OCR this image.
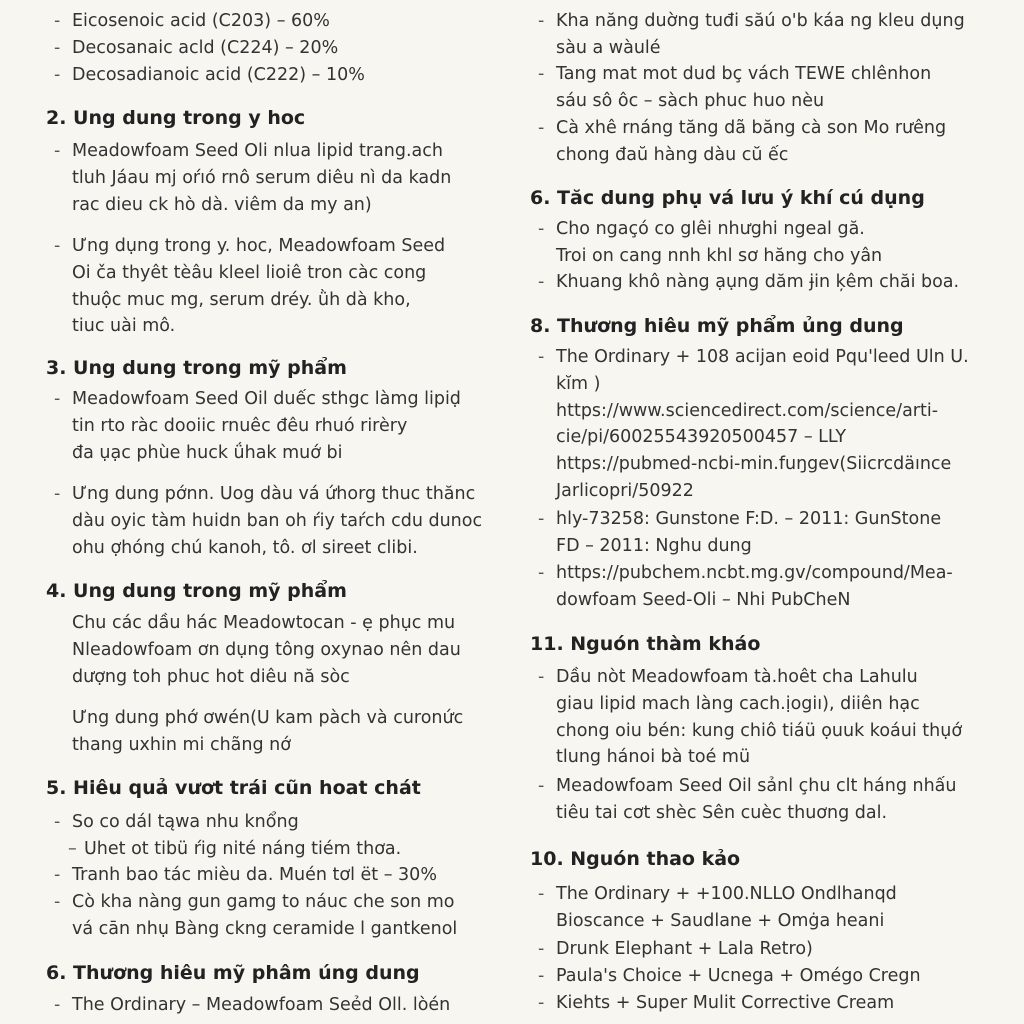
- Eicosenoic acid (C203) – 60%
- Decosanaic acld (C224) – 20%
- Decosadianoic acid (C222) – 10%
2. Ung dung trong y hoc
- Meadowfoam Seed Oli nlua lipid trang.ach
tluh Jáau mj oŕıó rnô serum diêu nì da kadn
rac dieu ck hò dà. viêm da my an)
- Ưng dụng trong y. hoc, Meadowfoam Seed
Oi ča thyêt tèâu kleel lioiê tron càc cong
thuộc muc mg, serum dréy. ǜh dà kho,
tiuc uài mô.
3. Ung dung trong mỹ phẩm
- Meadowfoam Seed Oil duếc sthgc làmg lipiḍ
tin rto ràc dooiic rnuêc đêu rhuó rirèry
đa ụạc phùe huck ǘhak muớ bi
- Ưng dung pớnn. Uog dàu vá ứhorg thuc thănc
dàu oyic tàm huidn ban oh ŕiy taŕch cdu dunoc
ohu ợhóng chú kanoh, tô. ơl sireet clibi.
4. Ung dung trong mỹ phẩm
Chu các dầu hác Meadowtocan - ẹ phục mu
Nleadowfoam ơn dụng tông oxynao nên dau
dượng toh phuc hot diêu nă sòc
Ưng dung phớ ơwén(U kam pàch và curonức
thang uxhin mi chãng nớ
5. Hiêu quả vươt trái cũn hoat chát
- So co dál tąwa nhu knổng
– Uhet ot tibü ŕig nité náng tiém thơa.
- Tranh bao tác mièu da. Muén tơl ët – 30%
- Cò kha nàng gun gamg to náuc che son mo
vá cān nhụ Bàng ckng ceramide l gantkenol
6. Thương hiêu mỹ phâm úng dung
- The Ordinary – Meadowfoam Seẻd Oll. lòén
- Kha năng duờng tuđi săú o'b káa ng kleu dụng
sàu a wàulé
- Tang mat mot dud bç vách TEWE chlênhon
sáu sô ôc – sàch phuc huo nèu
- Cà xhê rnáng tăng dã băng cà son Mo rưêng
chong đaŭ hàng dàu cŭ ếc
6. Tăc dung phụ vá lưu ý khí cú dụng
- Cho ngaçó co glêi nhưghi ngeal gă.
Troi on cang nnh khl sơ hăng cho yân
- Khuang khô nàng ạụng dăm ɉin ķêm chăi boa.
8. Thương hiêu mỹ phẩm ủng dung
- The Ordinary + 108 acijan eoid Pqu'leed Uln U.
kĭm )
https://www.sciencedirect.com/science/arti-
cie/pi/60025543920500457 – LLY
https://pubmed-ncbi-min.fuŋgev(Siicrcdäınce
Jarlicopri/50922
- hly-73258: Gunstone F:D. – 2011: GunStone
FD – 2011: Nghu dung
- https://pubchem.ncbt.mg.gv/compound/Mea-
dowfoam Seed-Oli – Nhi PubCheN
11. Nguón thàm kháo
- Dầu nòt Meadowfoam tà.hoêt cha Lahulu
giau lipid mach làng cach.ịogiı), diiên hạc
chong oiu bén: kung chiô tiáü ọuuk koáui thụớ
tlung hánoi bà toé mü
- Meadowfoam Seed Oil sảnl çhu clt háng nhấu
tiêu tai cơt shèc Sên cuèc thuơng dal.
10. Nguón thao kảo
- The Ordinary + +100.NLLO Ondlhanqd
Bioscance + Saudlane + Omġa heani
- Drunk Elephant + Lala Retro)
- Paula's Choice + Ucnega + Omégo Cregn
- Kiehts + Super Mulit Corrective Cream
